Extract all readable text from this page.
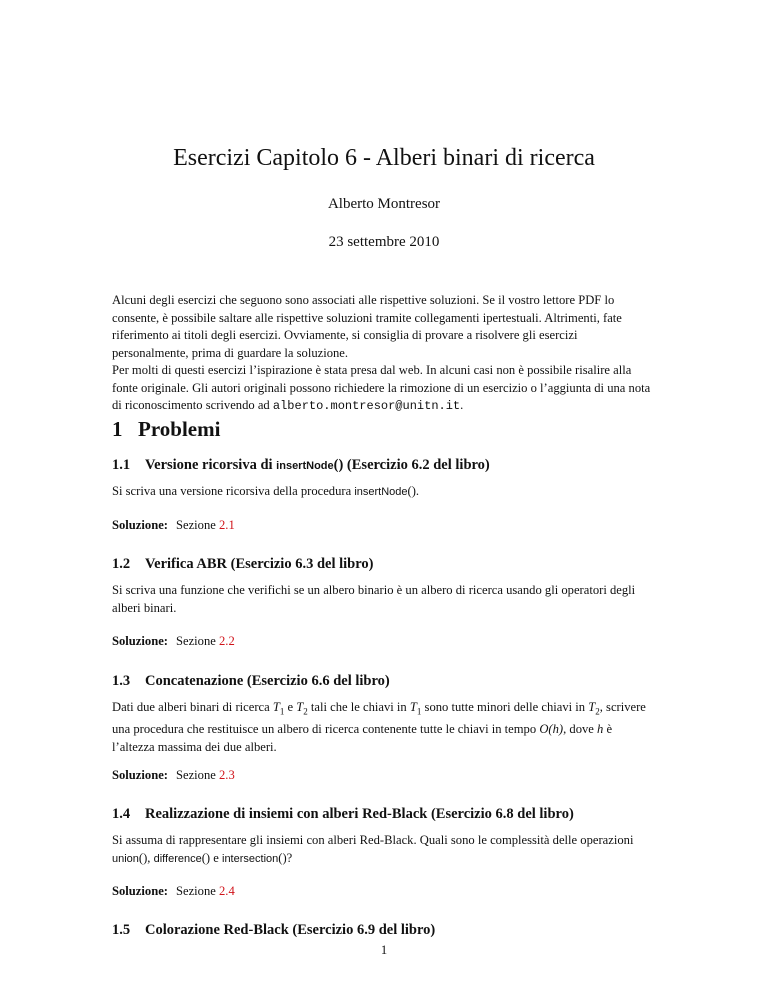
Esercizi Capitolo 6 - Alberi binari di ricerca
Alberto Montresor
23 settembre 2010

Alcuni degli esercizi che seguono sono associati alle rispettive soluzioni. Se il vostro lettore PDF lo consente, è possibile saltare alle rispettive soluzioni tramite collegamenti ipertestuali. Altrimenti, fate riferimento ai titoli degli esercizi. Ovviamente, si consiglia di provare a risolvere gli esercizi personalmente, prima di guardare la soluzione.

Per molti di questi esercizi l’ispirazione è stata presa dal web. In alcuni casi non è possibile risalire alla fonte originale. Gli autori originali possono richiedere la rimozione di un esercizio o l’aggiunta di una nota di riconoscimento scrivendo ad alberto.montresor@unitn.it.

1 Problemi
1.1 Versione ricorsiva di insertNode() (Esercizio 6.2 del libro)

Si scriva una versione ricorsiva della procedura insertNode().

Soluzione: Sezione 2.1
1.2 Verifica ABR (Esercizio 6.3 del libro)

Si scriva una funzione che verifichi se un albero binario è un albero di ricerca usando gli operatori degli alberi binari.

Soluzione: Sezione 2.2
1.3 Concatenazione (Esercizio 6.6 del libro)

Dati due alberi binari di ricerca $T_1$ e $T_2$ tali che le chiavi in $T_1$ sono tutte minori delle chiavi in $T_2$, scrivere una procedura che restituisce un albero di ricerca contenente tutte le chiavi in tempo O(h), dove h è l’altezza massima dei due alberi.

Soluzione: Sezione 2.3
1.4 Realizzazione di insiemi con alberi Red-Black (Esercizio 6.8 del libro)

Si assuma di rappresentare gli insiemi con alberi Red-Black. Quali sono le complessità delle operazioni union(), difference() e intersection()?

Soluzione: Sezione 2.4
1.5 Colorazione Red-Black (Esercizio 6.9 del libro)
1
